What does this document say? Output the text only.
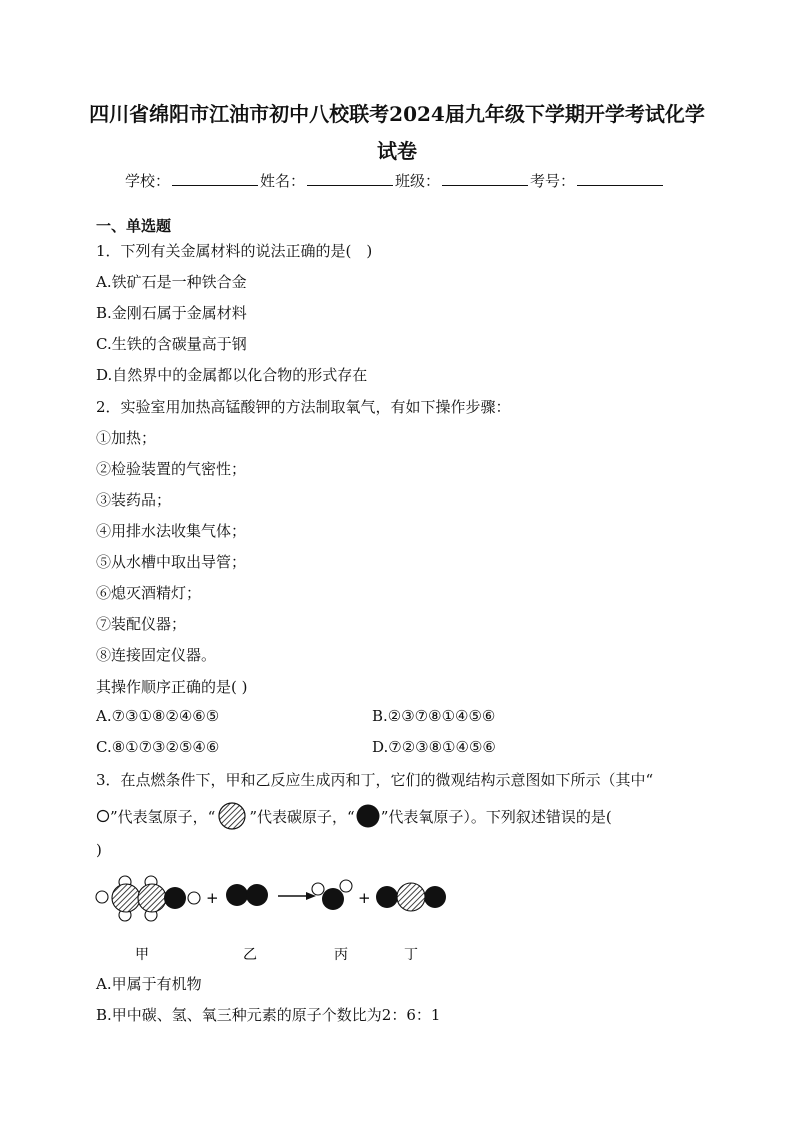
四川省绵阳市江油市初中八校联考2024届九年级下学期开学考试化学
试卷
学校：	姓名：	班级：	考号：
一、单选题
1．下列有关金属材料的说法正确的是(　)
A.铁矿石是一种铁合金
B.金刚石属于金属材料
C.生铁的含碳量高于钢
D.自然界中的金属都以化合物的形式存在
2．实验室用加热高锰酸钾的方法制取氧气，有如下操作步骤：
①加热；
②检验装置的气密性；
③装药品；
④用排水法收集气体；
⑤从水槽中取出导管；
⑥熄灭酒精灯；
⑦装配仪器；
⑧连接固定仪器。
其操作顺序正确的是( )
A.⑦③①⑧②④⑥⑤	B.②③⑦⑧①④⑤⑥
C.⑧①⑦③②⑤④⑥	D.⑦②③⑧①④⑤⑥
3．在点燃条件下，甲和乙反应生成丙和丁，它们的微观结构示意图如下所示（其中“
”代表氢原子，“ ”代表碳原子，“ ”代表氧原子）。下列叙述错误的是(
)
+	+
甲	乙	丙	丁
A.甲属于有机物
B.甲中碳、氢、氧三种元素的原子个数比为2：6：1
